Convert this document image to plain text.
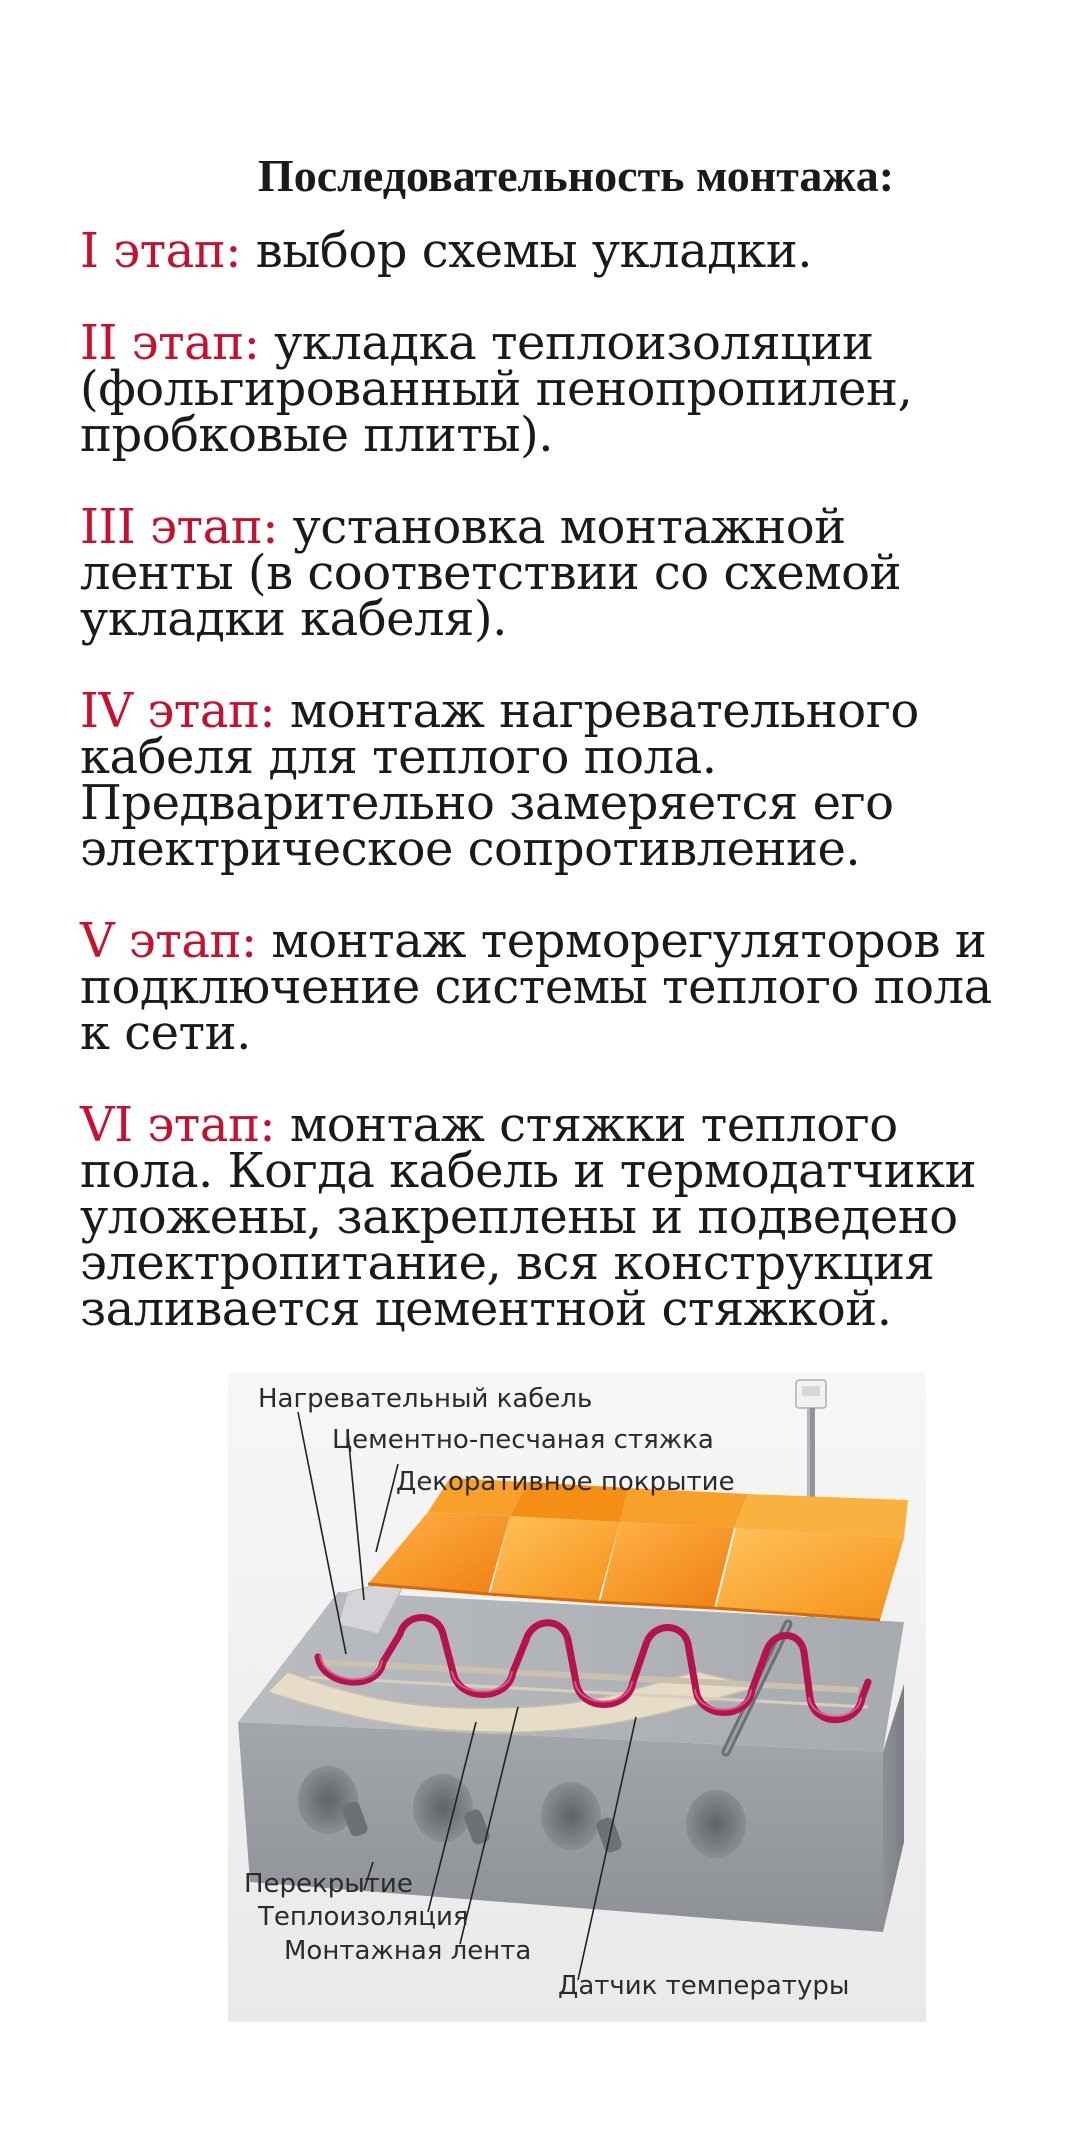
Последовательность монтажа:
I этап: выбор схемы укладки.
II этап: укладка теплоизоляции
(фольгированный пенопропилен,
пробковые плиты).
III этап: установка монтажной
ленты (в соответствии со схемой
укладки кабеля).
IV этап: монтаж нагревательного
кабеля для теплого пола.
Предварительно замеряется его
электрическое сопротивление.
V этап: монтаж терморегуляторов и
подключение системы теплого пола
к сети.
VI этап: монтаж стяжки теплого
пола. Когда кабель и термодатчики
уложены, закреплены и подведено
электропитание, вся конструкция
заливается цементной стяжкой.
Нагревательный кабель
Цементно-песчаная стяжка
Декоративное покрытие
Перекрытие
Теплоизоляция
Монтажная лента
Датчик температуры
